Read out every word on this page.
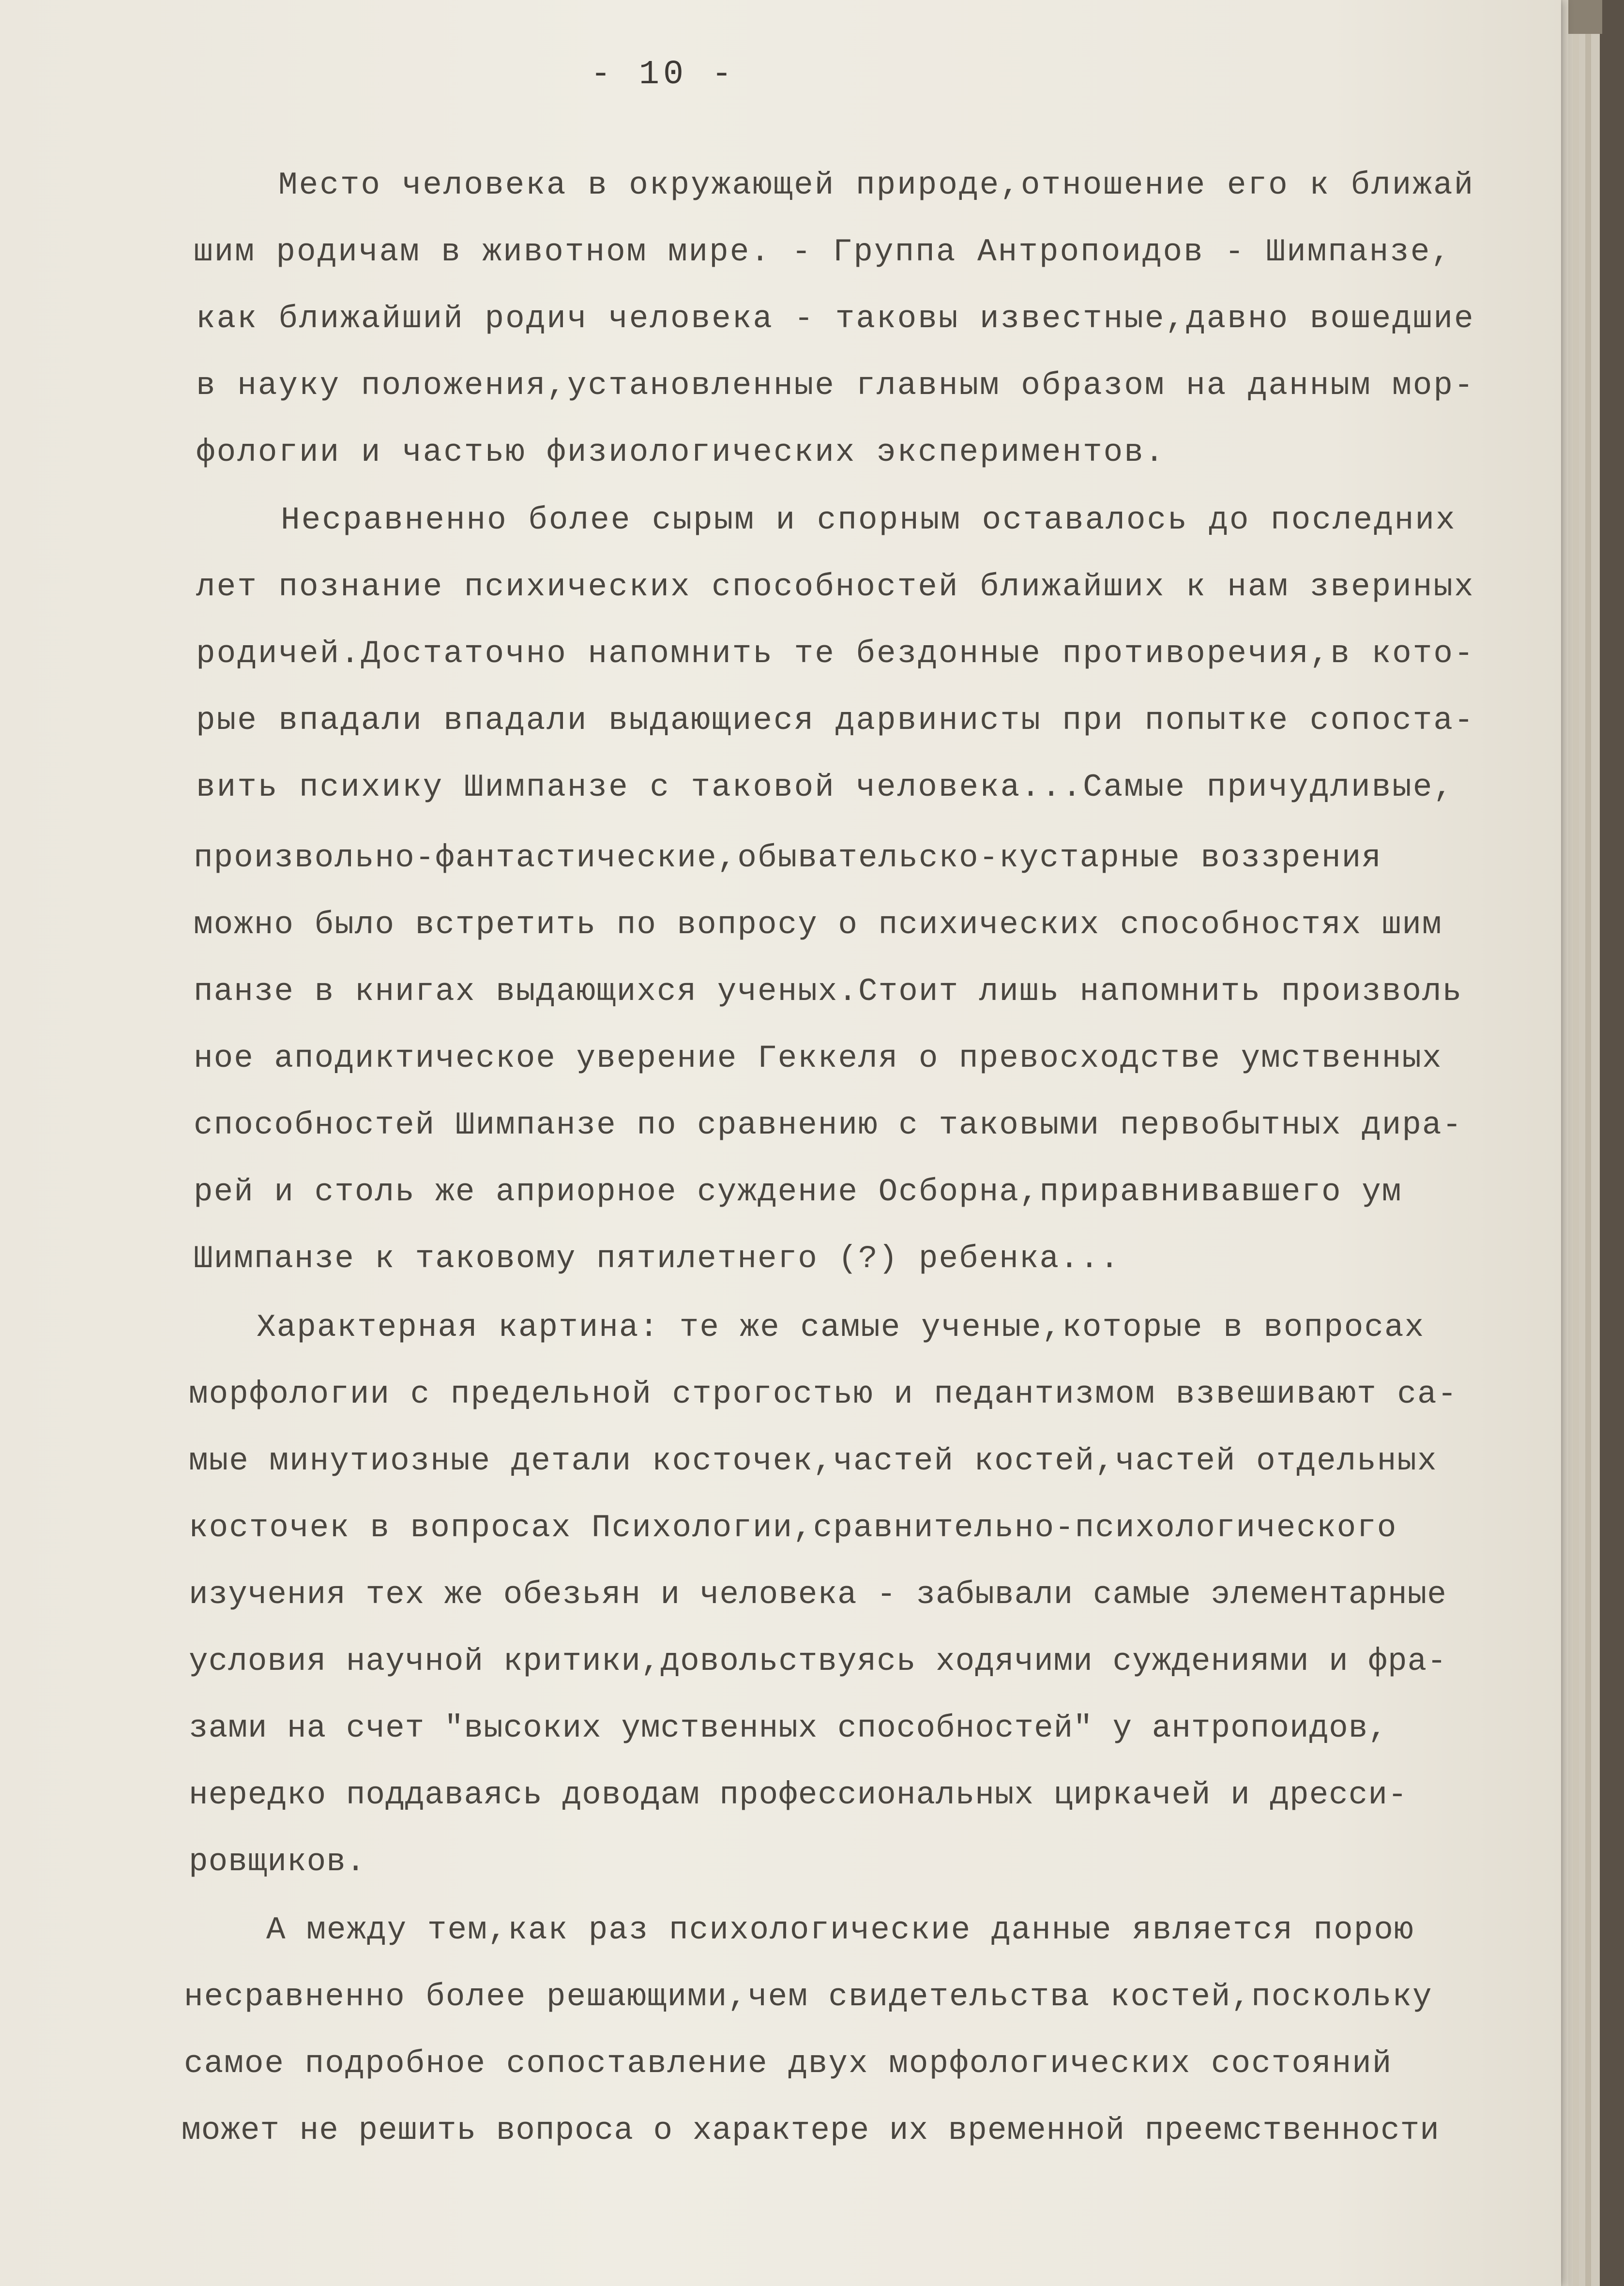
- 10 -

Место человека в окружающей природе,отношение его к ближай

шим родичам в животном мире. - Группа Антропоидов - Шимпанзе,

как ближайший родич человека - таковы известные,давно вошедшие

в науку положения,установленные главным образом на данным мор-

фологии и частью физиологических экспериментов.

Несравненно более сырым и спорным оставалось до последних

лет познание психических способностей ближайших к нам звериных

родичей.Достаточно напомнить те бездонные противоречия,в кото-

рые впадали впадали выдающиеся дарвинисты при попытке сопоста-

вить психику Шимпанзе с таковой человека...Самые причудливые,

произвольно-фантастические,обывательско-кустарные воззрения

можно было встретить по вопросу о психических способностях шим

панзе в книгах выдающихся ученых.Стоит лишь напомнить произволь

ное аподиктическое уверение Геккеля о превосходстве умственных

способностей Шимпанзе по сравнению с таковыми первобытных дира-

рей и столь же априорное суждение Осборна,приравнивавшего ум

Шимпанзе к таковому пятилетнего (?) ребенка...

Характерная картина: те же самые ученые,которые в вопросах

морфологии с предельной строгостью и педантизмом взвешивают са-

мые минутиозные детали косточек,частей костей,частей отдельных

косточек в вопросах Психологии,сравнительно-психологического

изучения тех же обезьян и человека - забывали самые элементарные

условия научной критики,довольствуясь ходячими суждениями и фра-

зами на счет "высоких умственных способностей" у антропоидов,

нередко поддаваясь доводам профессиональных циркачей и дресси-

ровщиков.

А между тем,как раз психологические данные является порою

несравненно более решающими,чем свидетельства костей,поскольку

самое подробное сопоставление двух морфологических состояний

может не решить вопроса о характере их временной преемственности
